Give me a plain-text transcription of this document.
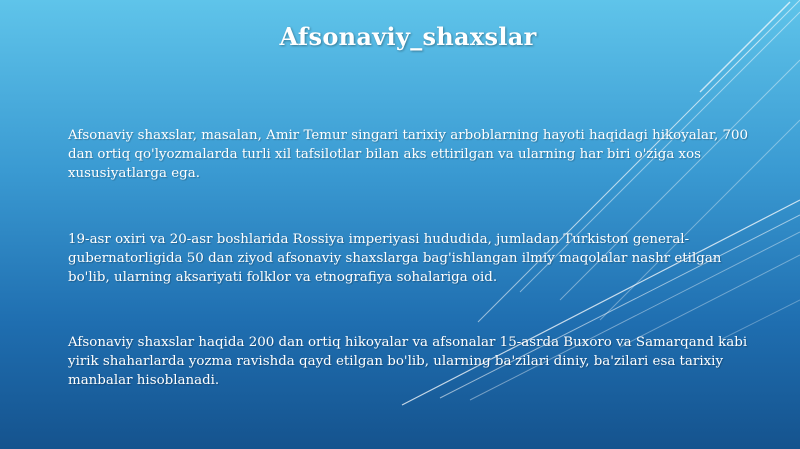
Afsonaviy_shaxslar
Afsonaviy shaxslar, masalan, Amir Temur singari tarixiy arboblarning hayoti haqidagi hikoyalar, 700 dan ortiq qo'lyozmalarda turli xil tafsilotlar bilan aks ettirilgan va ularning har biri o'ziga xos xususiyatlarga ega.
19-asr oxiri va 20-asr boshlarida Rossiya imperiyasi hududida, jumladan Turkiston general-gubernatorligida 50 dan ziyod afsonaviy shaxslarga bag'ishlangan ilmiy maqolalar nashr etilgan bo'lib, ularning aksariyati folklor va etnografiya sohalariga oid.
Afsonaviy shaxslar haqida 200 dan ortiq hikoyalar va afsonalar 15-asrda Buxoro va Samarqand kabi yirik shaharlarda yozma ravishda qayd etilgan bo'lib, ularning ba'zilari diniy, ba'zilari esa tarixiy manbalar hisoblanadi.
